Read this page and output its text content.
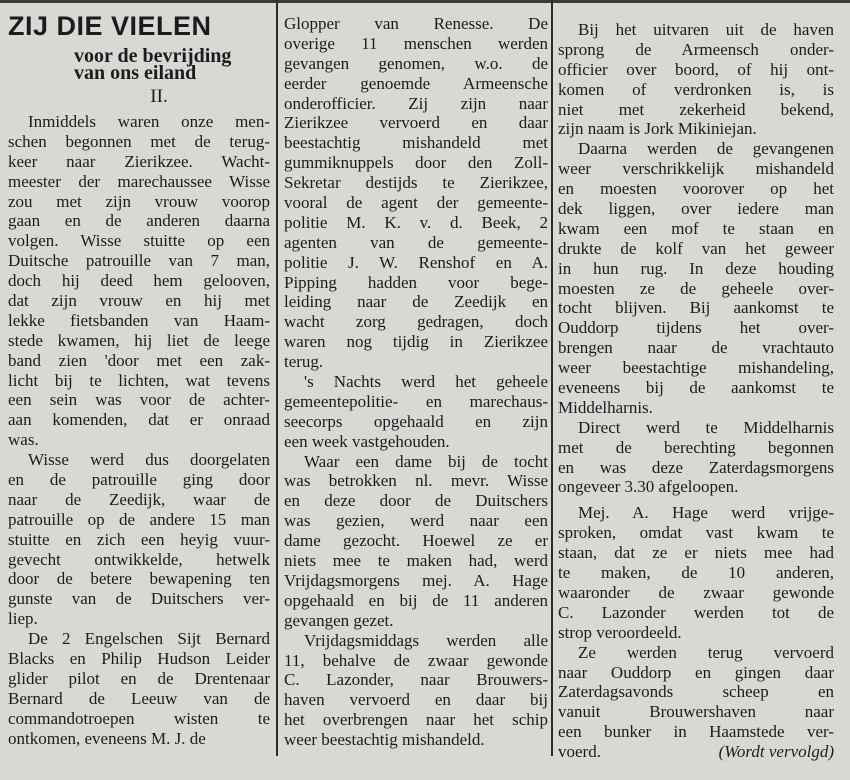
ZIJ DIE VIELEN
voor de bevrijding
van ons eiland
II.
Inmiddels waren onze men-
schen begonnen met de terug-
keer naar Zierikzee. Wacht-
meester der marechaussee Wisse
zou met zijn vrouw voorop
gaan en de anderen daarna
volgen. Wisse stuitte op een
Duitsche patrouille van 7 man,
doch hij deed hem gelooven,
dat zijn vrouw en hij met
lekke fietsbanden van Haam-
stede kwamen, hij liet de leege
band zien 'door met een zak-
licht bij te lichten, wat tevens
een sein was voor de achter-
aan komenden, dat er onraad
was.
Wisse werd dus doorgelaten
en de patrouille ging door
naar de Zeedijk, waar de
patrouille op de andere 15 man
stuitte en zich een heyig vuur-
gevecht ontwikkelde, hetwelk
door de betere bewapening ten
gunste van de Duitschers ver-
liep.
De 2 Engelschen Sijt Bernard
Blacks en Philip Hudson Leider
glider pilot en de Drentenaar
Bernard de Leeuw van de
commandotroepen wisten te
ontkomen, eveneens M. J. de
Glopper van Renesse. De
overige 11 menschen werden
gevangen genomen, w.o. de
eerder genoemde Armeensche
onderofficier. Zij zijn naar
Zierikzee vervoerd en daar
beestachtig mishandeld met
gummiknuppels door den Zoll-
Sekretar destijds te Zierikzee,
vooral de agent der gemeente-
politie M. K. v. d. Beek, 2
agenten van de gemeente-
politie J. W. Renshof en A.
Pipping hadden voor bege-
leiding naar de Zeedijk en
wacht zorg gedragen, doch
waren nog tijdig in Zierikzee
terug.
's Nachts werd het geheele
gemeentepolitie- en marechaus-
seecorps opgehaald en zijn
een week vastgehouden.
Waar een dame bij de tocht
was betrokken nl. mevr. Wisse
en deze door de Duitschers
was gezien, werd naar een
dame gezocht. Hoewel ze er
niets mee te maken had, werd
Vrijdagsmorgens mej. A. Hage
opgehaald en bij de 11 anderen
gevangen gezet.
Vrijdagsmiddags werden alle
11, behalve de zwaar gewonde
C. Lazonder, naar Brouwers-
haven vervoerd en daar bij
het overbrengen naar het schip
weer beestachtig mishandeld.
Bij het uitvaren uit de haven
sprong de Armeensch onder-
officier over boord, of hij ont-
komen of verdronken is, is
niet met zekerheid bekend,
zijn naam is Jork Mikiniejan.
Daarna werden de gevangenen
weer verschrikkelijk mishandeld
en moesten voorover op het
dek liggen, over iedere man
kwam een mof te staan en
drukte de kolf van het geweer
in hun rug. In deze houding
moesten ze de geheele over-
tocht blijven. Bij aankomst te
Ouddorp tijdens het over-
brengen naar de vrachtauto
weer beestachtige mishandeling,
eveneens bij de aankomst te
Middelharnis.
Direct werd te Middelharnis
met de berechting begonnen
en was deze Zaterdagsmorgens
ongeveer 3.30 afgeloopen.
Mej. A. Hage werd vrijge-
sproken, omdat vast kwam te
staan, dat ze er niets mee had
te maken, de 10 anderen,
waaronder de zwaar gewonde
C. Lazonder werden tot de
strop veroordeeld.
Ze werden terug vervoerd
naar Ouddorp en gingen daar
Zaterdagsavonds scheep en
vanuit Brouwershaven naar
een bunker in Haamstede ver-
voerd.	(Wordt vervolgd)
